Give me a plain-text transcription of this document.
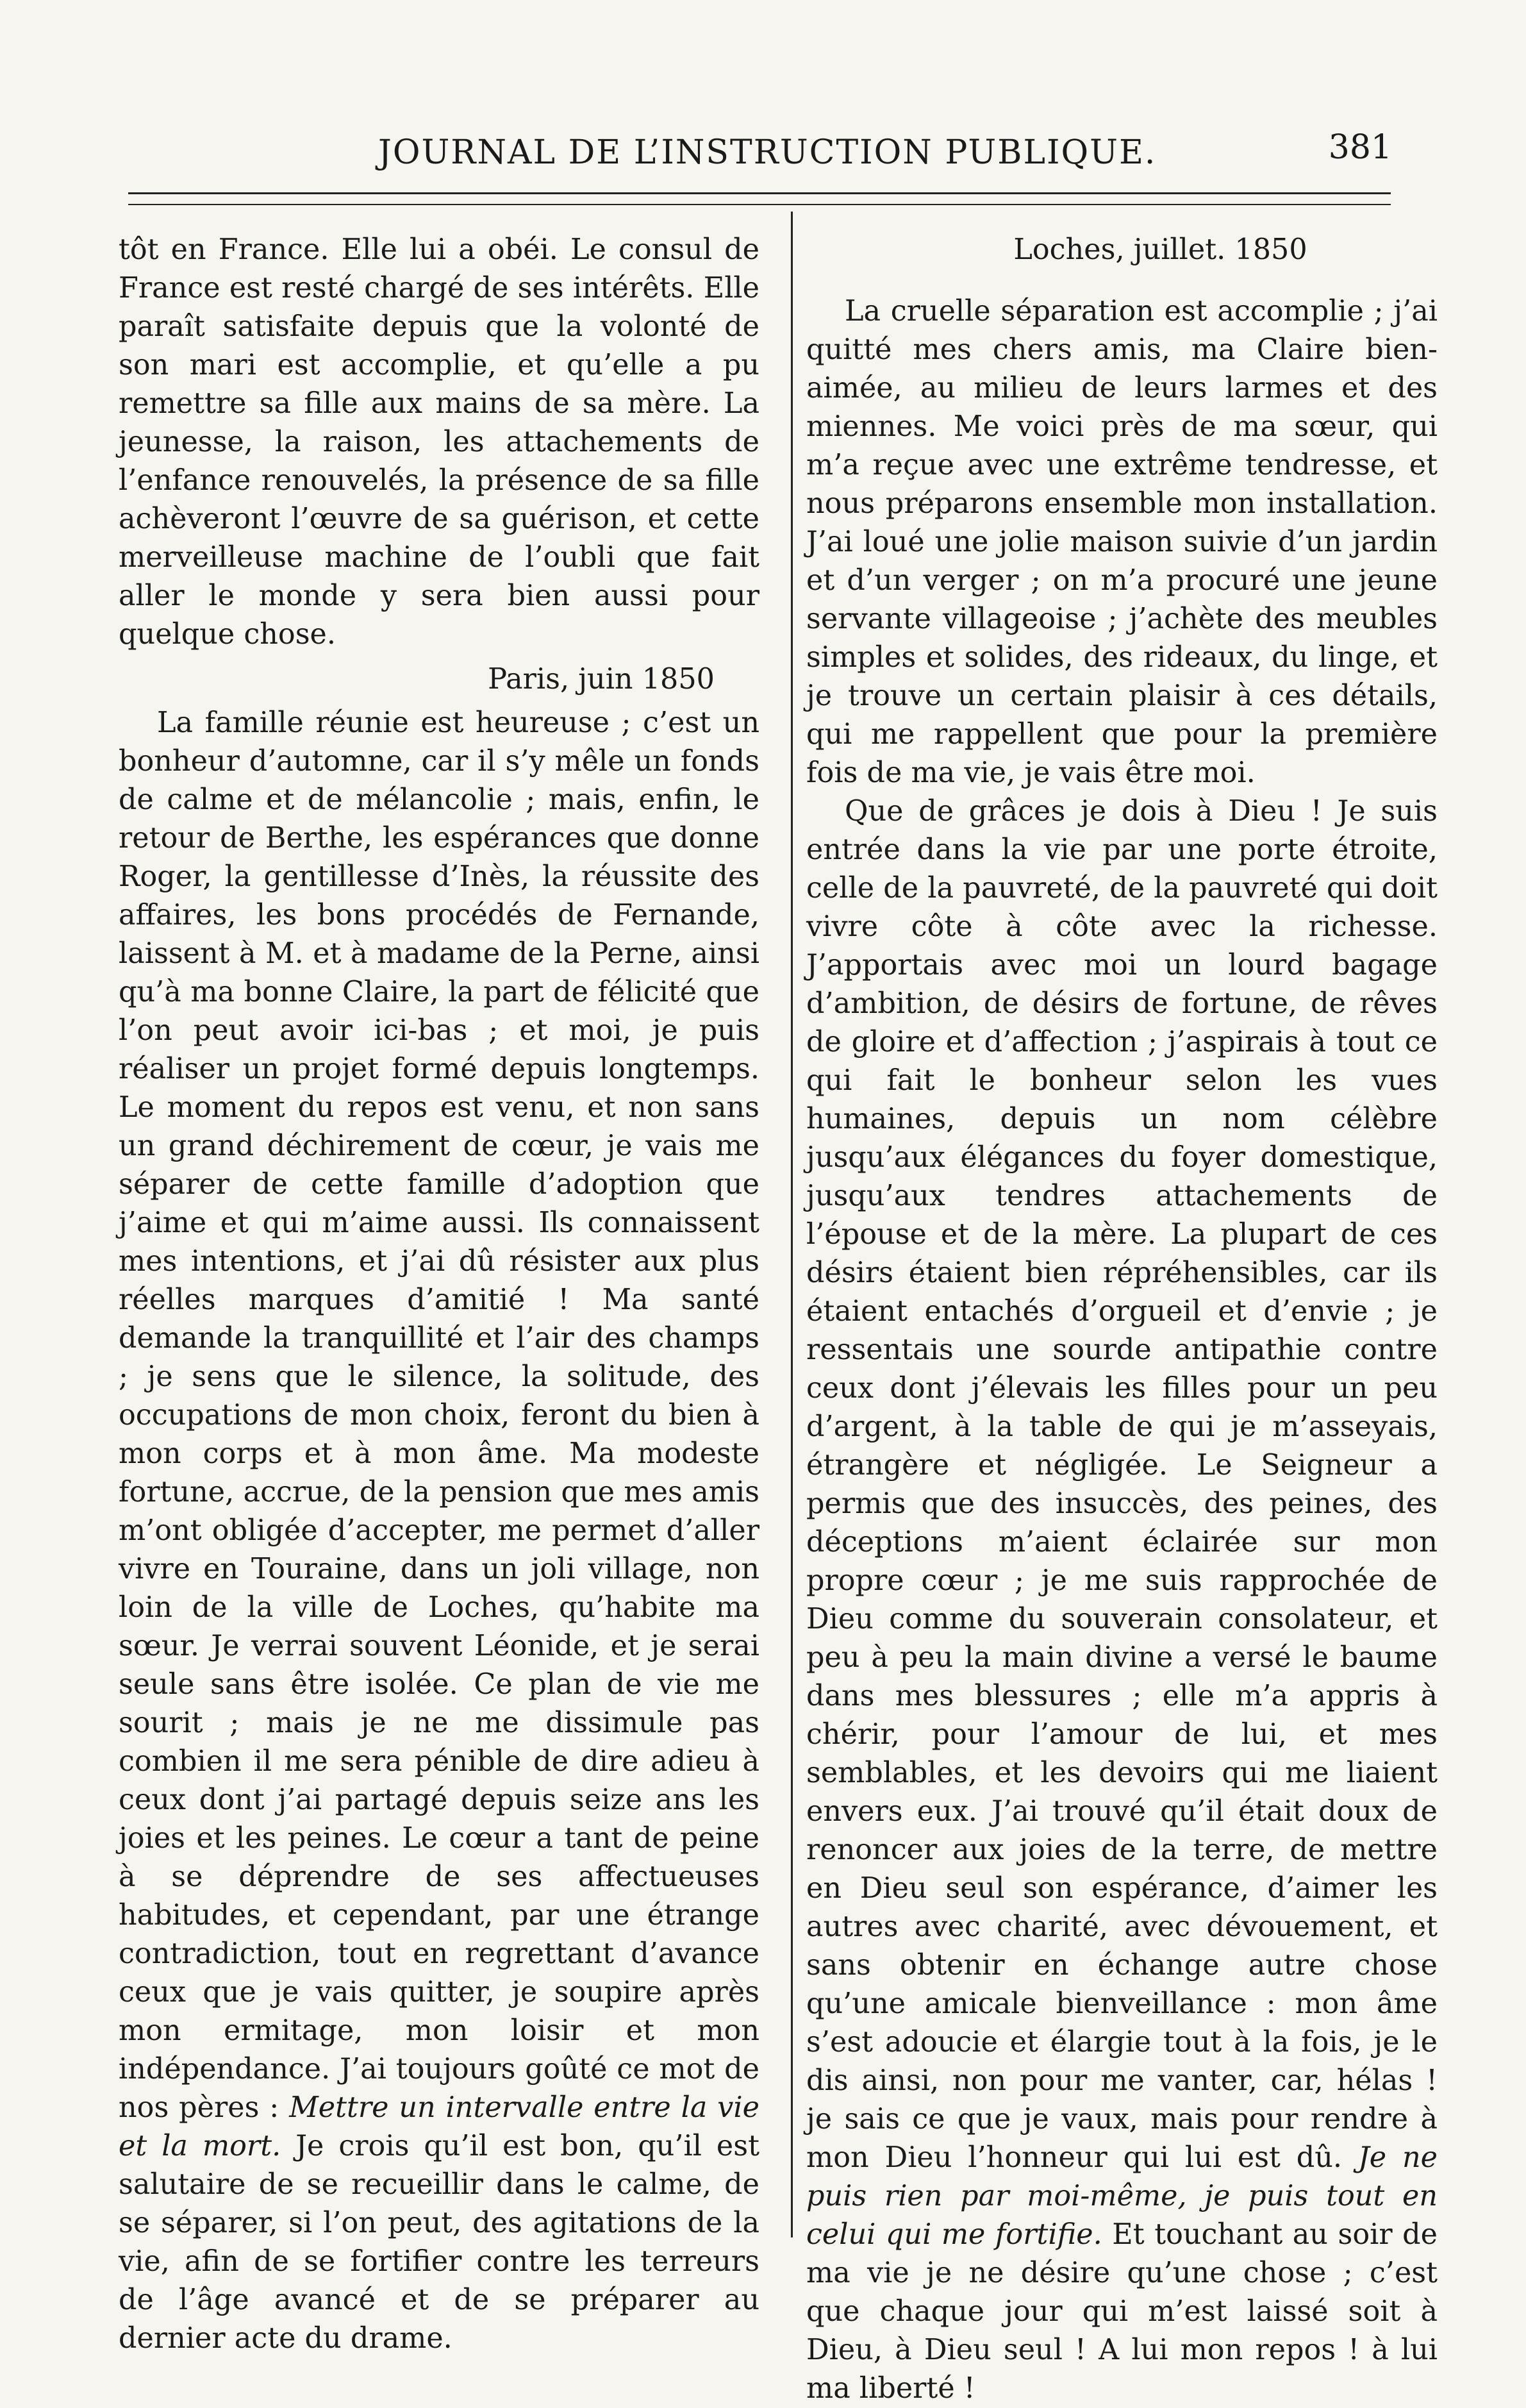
JOURNAL DE L’INSTRUCTION PUBLIQUE.	381

tôt en France. Elle lui a obéi. Le consul de France est resté chargé de ses intérêts. Elle paraît satisfaite depuis que la volonté de son mari est accomplie, et qu’elle a pu remettre sa fille aux mains de sa mère. La jeunesse, la raison, les attachements de l’enfance renouvelés, la présence de sa fille achèveront l’œuvre de sa guérison, et cette merveilleuse machine de l’oubli que fait aller le monde y sera bien aussi pour quelque chose.

Paris, juin 1850

La famille réunie est heureuse ; c’est un bonheur d’automne, car il s’y mêle un fonds de calme et de mélancolie ; mais, enfin, le retour de Berthe, les espérances que donne Roger, la gentillesse d’Inès, la réussite des affaires, les bons procédés de Fernande, laissent à M. et à madame de la Perne, ainsi qu’à ma bonne Claire, la part de félicité que l’on peut avoir ici-bas ; et moi, je puis réaliser un projet formé depuis longtemps. Le moment du repos est venu, et non sans un grand déchirement de cœur, je vais me séparer de cette famille d’adoption que j’aime et qui m’aime aussi. Ils connaissent mes intentions, et j’ai dû résister aux plus réelles marques d’amitié ! Ma santé demande la tranquillité et l’air des champs ; je sens que le silence, la solitude, des occupations de mon choix, feront du bien à mon corps et à mon âme. Ma modeste fortune, accrue, de la pension que mes amis m’ont obligée d’accepter, me permet d’aller vivre en Touraine, dans un joli village, non loin de la ville de Loches, qu’habite ma sœur. Je verrai souvent Léonide, et je serai seule sans être isolée. Ce plan de vie me sourit ; mais je ne me dissimule pas combien il me sera pénible de dire adieu à ceux dont j’ai partagé depuis seize ans les joies et les peines. Le cœur a tant de peine à se déprendre de ses affectueuses habitudes, et cependant, par une étrange contradiction, tout en regrettant d’avance ceux que je vais quitter, je soupire après mon ermitage, mon loisir et mon indépendance. J’ai toujours goûté ce mot de nos pères : Mettre un intervalle entre la vie et la mort. Je crois qu’il est bon, qu’il est salutaire de se recueillir dans le calme, de se séparer, si l’on peut, des agitations de la vie, afin de se fortifier contre les terreurs de l’âge avancé et de se préparer au dernier acte du drame.

Loches, juillet. 1850

La cruelle séparation est accomplie ; j’ai quitté mes chers amis, ma Claire bien-aimée, au milieu de leurs larmes et des miennes. Me voici près de ma sœur, qui m’a reçue avec une extrême tendresse, et nous préparons ensemble mon installation. J’ai loué une jolie maison suivie d’un jardin et d’un verger ; on m’a procuré une jeune servante villageoise ; j’achète des meubles simples et solides, des rideaux, du linge, et je trouve un certain plaisir à ces détails, qui me rappellent que pour la première fois de ma vie, je vais être moi.

Que de grâces je dois à Dieu ! Je suis entrée dans la vie par une porte étroite, celle de la pauvreté, de la pauvreté qui doit vivre côte à côte avec la richesse. J’apportais avec moi un lourd bagage d’ambition, de désirs de fortune, de rêves de gloire et d’affection ; j’aspirais à tout ce qui fait le bonheur selon les vues humaines, depuis un nom célèbre jusqu’aux élégances du foyer domestique, jusqu’aux tendres attachements de l’épouse et de la mère. La plupart de ces désirs étaient bien répréhensibles, car ils étaient entachés d’orgueil et d’envie ; je ressentais une sourde antipathie contre ceux dont j’élevais les filles pour un peu d’argent, à la table de qui je m’asseyais, étrangère et négligée. Le Seigneur a permis que des insuccès, des peines, des déceptions m’aient éclairée sur mon propre cœur ; je me suis rapprochée de Dieu comme du souverain consolateur, et peu à peu la main divine a versé le baume dans mes blessures ; elle m’a appris à chérir, pour l’amour de lui, et mes semblables, et les devoirs qui me liaient envers eux. J’ai trouvé qu’il était doux de renoncer aux joies de la terre, de mettre en Dieu seul son espérance, d’aimer les autres avec charité, avec dévouement, et sans obtenir en échange autre chose qu’une amicale bienveillance : mon âme s’est adoucie et élargie tout à la fois, je le dis ainsi, non pour me vanter, car, hélas ! je sais ce que je vaux, mais pour rendre à mon Dieu l’honneur qui lui est dû. Je ne puis rien par moi-même, je puis tout en celui qui me fortifie. Et touchant au soir de ma vie je ne désire qu’une chose ; c’est que chaque jour qui m’est laissé soit à Dieu, à Dieu seul ! A lui mon repos ! à lui ma liberté !
